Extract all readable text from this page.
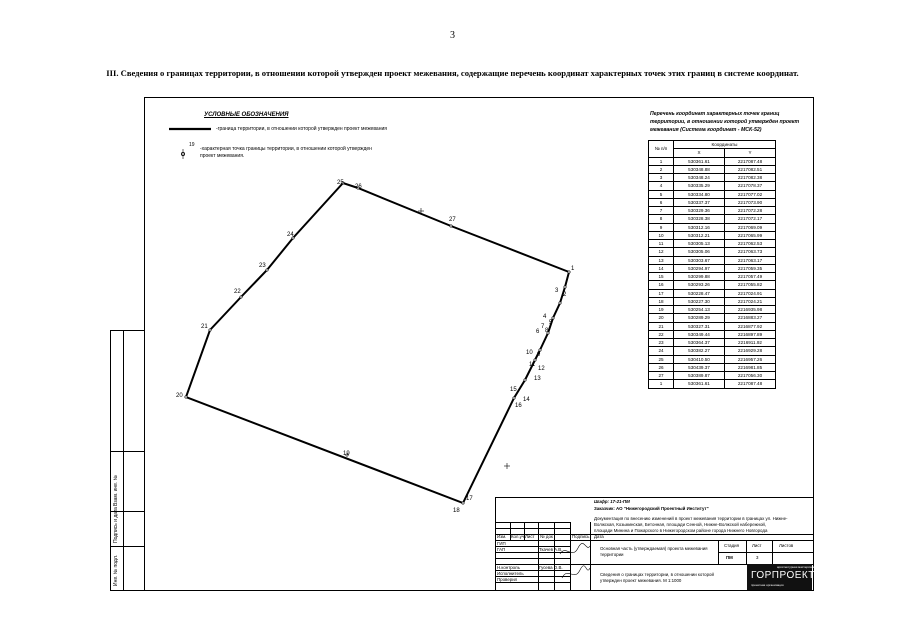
3
III. Сведения о границах территории, в отношении которой утвержден проект межевания, содержащие перечень координат характерных точек этих границ в системе координат.
Взам. инв. №
Подпись и дата
Инв. № подл.
УСЛОВНЫЕ ОБОЗНАЧЕНИЯ
-граница территории, в отношении которой утвержден проект межевания
19
-характерная точка границы территории, в отношении которой утвержден
проект межевания.
1
2
3
4
5
6
7
8
9
10
11
12
13
14
15
16
17
18
19
20
21
22
23
24
25
26
27
Перечень координат характерных точек границ территории, в отношении которой утвержден проект межевания (Система координат - МСК-52)
№ п/п	Координаты	
	X	Y
1	530361.61	2217087.48
2	530348.88	2217082.51
3	530348.24	2217082.38
4	530335.29	2217078.37
5	530334.80	2217077.02
6	530337.37	2217073.90
7	530329.36	2217072.28
8	530328.38	2217072.17
9	530312.16	2217069.09
10	530312.21	2217065.99
11	530305.13	2217062.53
12	530305.06	2217063.73
13	530303.67	2217063.17
14	530294.97	2217059.35
15	530299.88	2217057.49
16	530293.26	2217055.82
17	530228.47	2217024.91
18	530227.30	2217024.21
19	530254.13	2216935.98
20	530289.29	2216883.27
21	530327.31	2216877.92
22	530349.44	2216897.89
23	530364.37	2216911.92
24	530382.27	2216929.28
25	530410.50	2216957.26
26	530439.37	2216981.85
27	530389.87	2217056.30
1	530361.61	2217087.48
Шифр: 17-21-ПМ
Заказчик: АО "Нижегородский Проектный Институт"
Документация по внесению изменений в проект межевания территории в границах ул. Нижне-
Волжская, Козьминская, Бетонная, площади Сенной, Нижне-Волжской набережной,
площади Минина и Пожарского в Нижегородском районе города Нижнего Новгорода
Изм. Кол.уч Лист № док	Подпись Дата
ГИП
ГАП	Ткачев А.В.
Н.контроль
Исполнитель
Проверил
Гусева О.В.
Основная часть (утверждаемая) проекта межевания
территории
Сведения о границах территории, в отношении которой
утвержден проект межевания. М 1:1000
Стадия	Лист	Листов
ПМ	3
архитектурная мастерская
ГОРПРОЕКТ
проектная организация
